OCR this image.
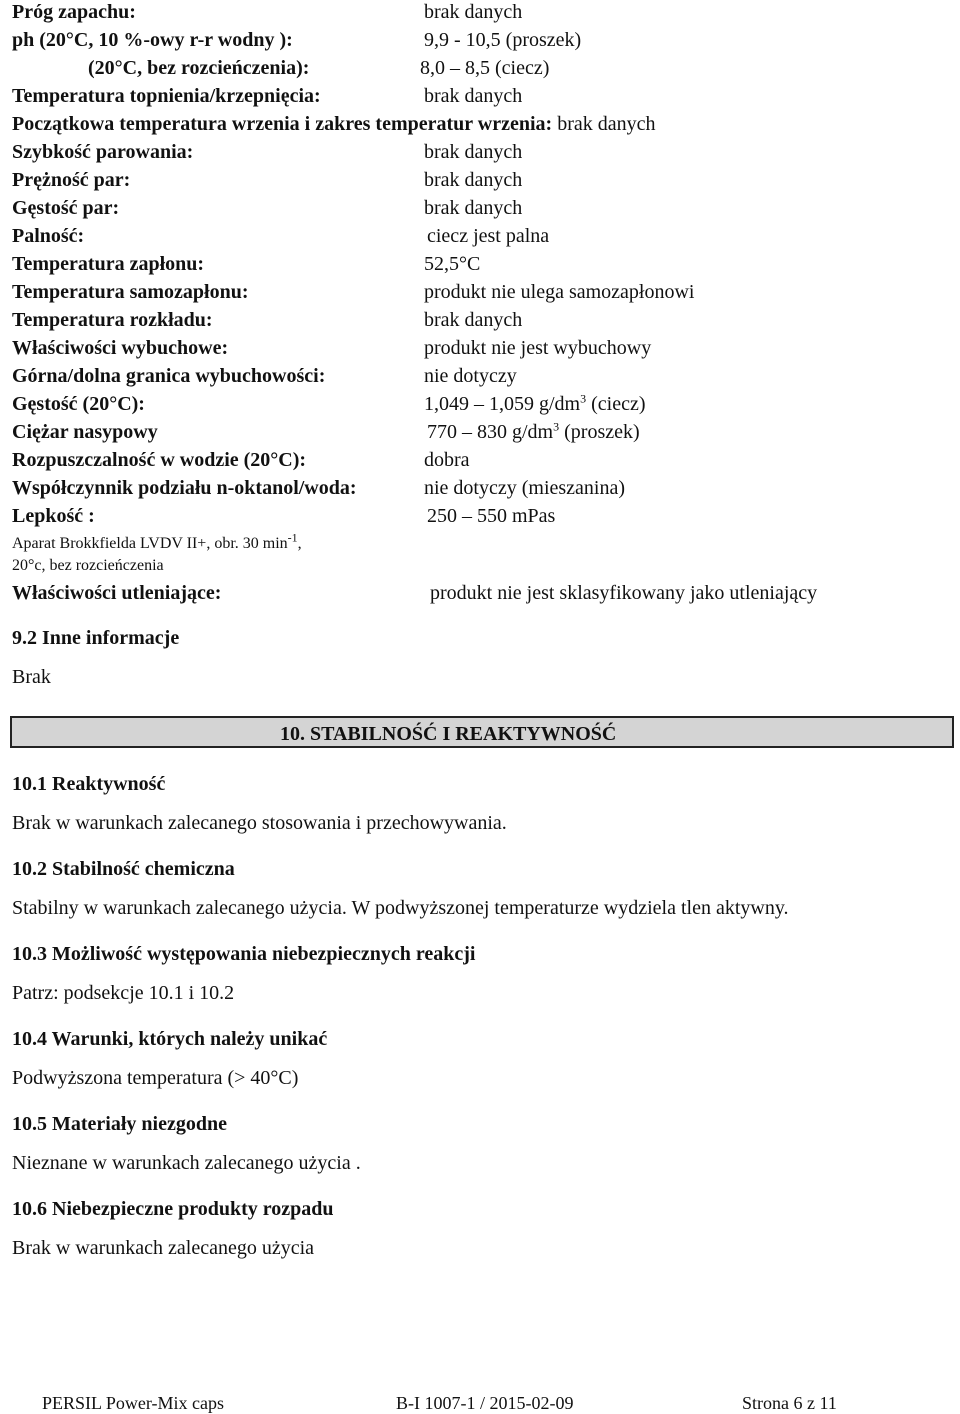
Próg zapachu:	brak danych
ph (20°C, 10 %-owy r-r wodny ):	9,9 - 10,5 (proszek)
(20°C, bez rozcieńczenia):	8,0 – 8,5 (ciecz)
Temperatura topnienia/krzepnięcia:	brak danych
Początkowa temperatura wrzenia i zakres temperatur wrzenia: brak danych
Szybkość parowania:	brak danych
Prężność par:	brak danych
Gęstość par:	brak danych
Palność:	ciecz jest palna
Temperatura zapłonu:	52,5°C
Temperatura samozapłonu:	produkt nie ulega samozapłonowi
Temperatura rozkładu:	brak danych
Właściwości wybuchowe:	produkt nie jest wybuchowy
Górna/dolna granica wybuchowości:	nie dotyczy
Gęstość (20°C):	1,049 – 1,059 $g/dm^3$ (ciecz)
Ciężar nasypowy	770 – 830 $g/dm^3$ (proszek)
Rozpuszczalność w wodzie (20°C):	dobra
Współczynnik podziału n-oktanol/woda:	nie dotyczy (mieszanina)
Lepkość :	250 – 550 mPas
Aparat Brokkfielda LVDV II+, obr. 30 $\min^{-1}$,
20°c, bez rozcieńczenia
Właściwości utleniające:	produkt nie jest sklasyfikowany jako utleniający
9.2 Inne informacje
Brak
10. STABILNOŚĆ I REAKTYWNOŚĆ
10.1 Reaktywność
Brak w warunkach zalecanego stosowania i przechowywania.
10.2 Stabilność chemiczna
Stabilny w warunkach zalecanego użycia. W podwyższonej temperaturze wydziela tlen aktywny.
10.3 Możliwość występowania niebezpiecznych reakcji
Patrz: podsekcje 10.1 i 10.2
10.4 Warunki, których należy unikać
Podwyższona temperatura (> 40°C)
10.5 Materiały niezgodne
Nieznane w warunkach zalecanego użycia .
10.6 Niebezpieczne produkty rozpadu
Brak w warunkach zalecanego użycia
PERSIL Power-Mix caps	B-I 1007-1 / 2015-02-09	Strona 6 z 11
